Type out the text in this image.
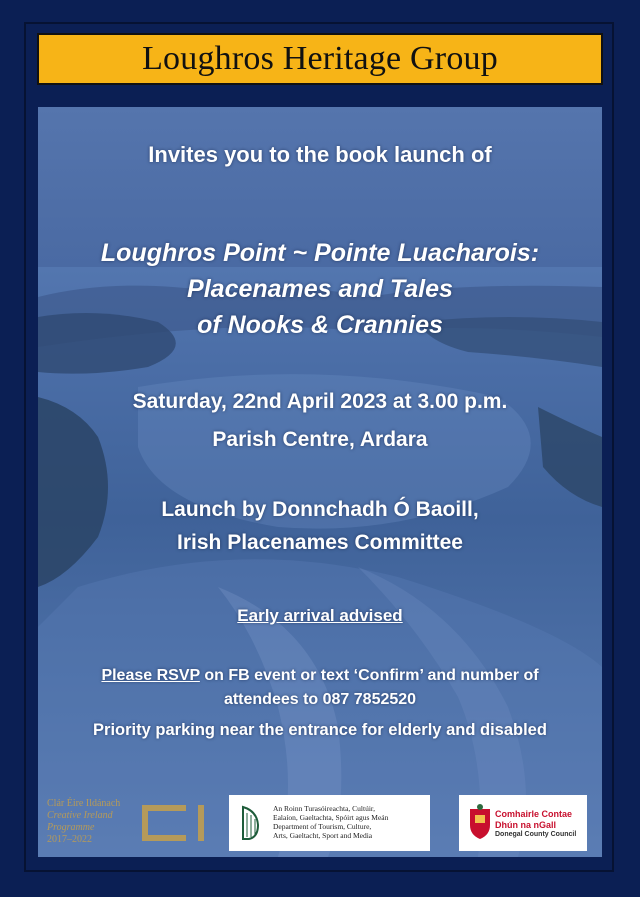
Loughros Heritage Group
Invites you to the book launch of
Loughros Point ~ Pointe Luacharois:
Placenames and Tales
of Nooks & Crannies
Saturday, 22nd April 2023 at 3.00 p.m.
Parish Centre, Ardara
Launch by Donnchadh Ó Baoill,
Irish Placenames Committee
Early arrival advised
Please RSVP on FB event or text ‘Confirm’ and number of
attendees to 087 7852520
Priority parking near the entrance for elderly and disabled
Clár Éire Ildánach
Creative Ireland
Programme
2017–2022
An Roinn Turasóireachta, Cultúir,
Ealaíon, Gaeltachta, Spóirt agus Meán
Department of Tourism, Culture,
Arts, Gaeltacht, Sport and Media
Comhairle Contae
Dhún na nGall
Donegal County Council
